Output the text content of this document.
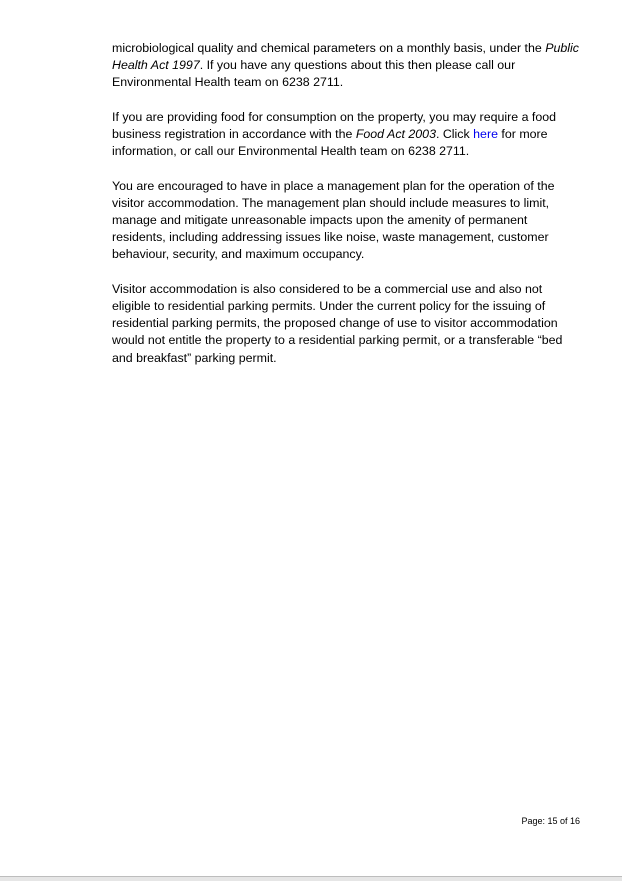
microbiological quality and chemical parameters on a monthly basis, under the Public Health Act 1997. If you have any questions about this then please call our Environmental Health team on 6238 2711.

If you are providing food for consumption on the property, you may require a food business registration in accordance with the Food Act 2003. Click here for more information, or call our Environmental Health team on 6238 2711.

You are encouraged to have in place a management plan for the operation of the visitor accommodation. The management plan should include measures to limit, manage and mitigate unreasonable impacts upon the amenity of permanent residents, including addressing issues like noise, waste management, customer behaviour, security, and maximum occupancy.

Visitor accommodation is also considered to be a commercial use and also not eligible to residential parking permits. Under the current policy for the issuing of residential parking permits, the proposed change of use to visitor accommodation would not entitle the property to a residential parking permit, or a transferable “bed and breakfast” parking permit.

Page: 15 of 16
